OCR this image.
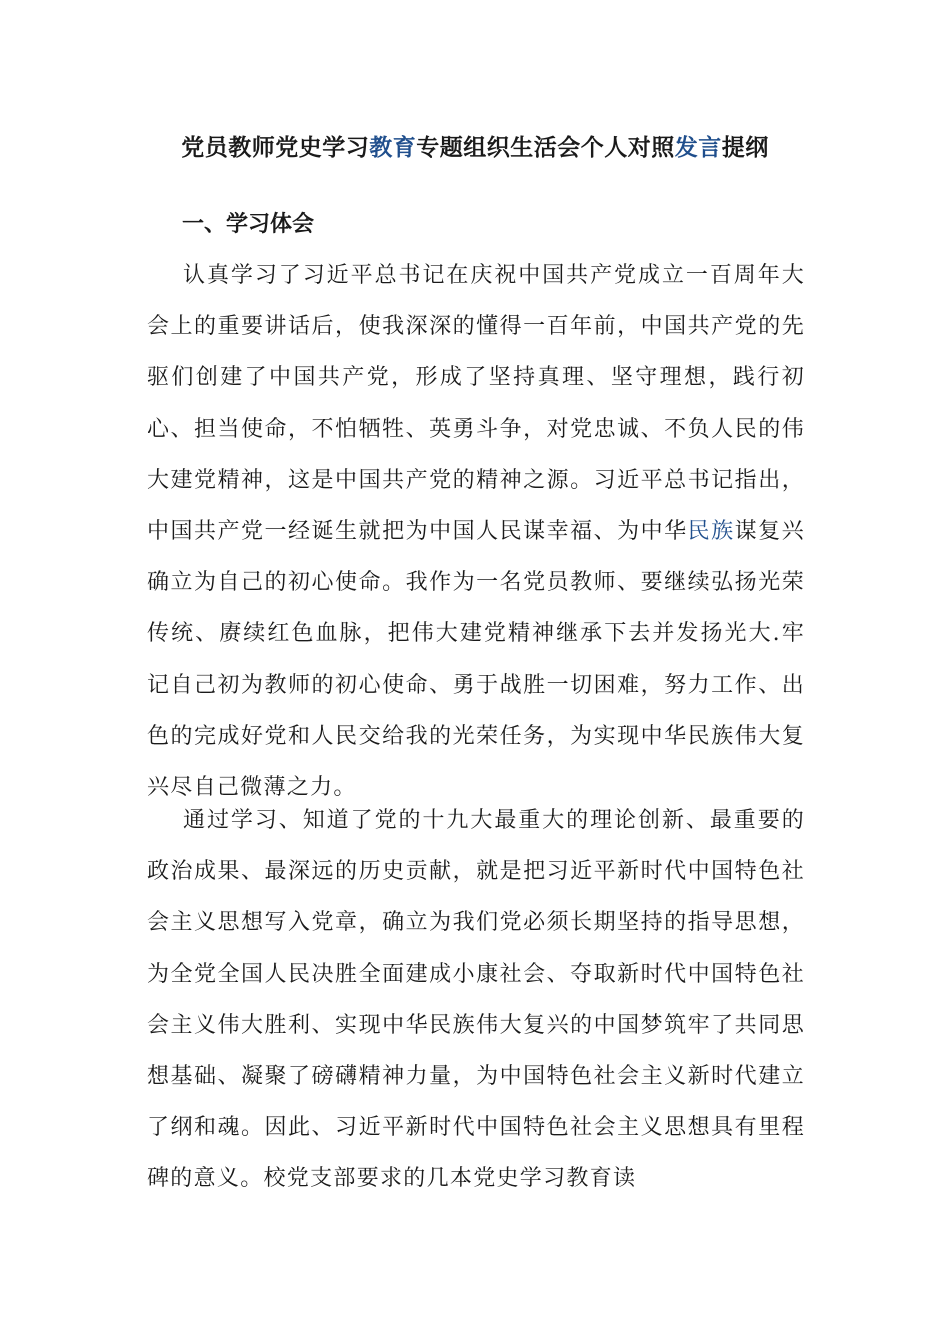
党员教师党史学习教育专题组织生活会个人对照发言提纲
一、学习体会

认真学习了习近平总书记在庆祝中国共产党成立一百周年大会上的重要讲话后，使我深深的懂得一百年前，中国共产党的先驱们创建了中国共产党，形成了坚持真理、坚守理想，践行初心、担当使命，不怕牺牲、英勇斗争，对党忠诚、不负人民的伟大建党精神，这是中国共产党的精神之源。习近平总书记指出，中国共产党一经诞生就把为中国人民谋幸福、为中华民族谋复兴确立为自己的初心使命。我作为一名党员教师、要继续弘扬光荣传统、赓续红色血脉，把伟大建党精神继承下去并发扬光大.牢记自己初为教师的初心使命、勇于战胜一切困难，努力工作、出色的完成好党和人民交给我的光荣任务，为实现中华民族伟大复兴尽自己微薄之力。

通过学习、知道了党的十九大最重大的理论创新、最重要的政治成果、最深远的历史贡献，就是把习近平新时代中国特色社会主义思想写入党章，确立为我们党必须长期坚持的指导思想，为全党全国人民决胜全面建成小康社会、夺取新时代中国特色社会主义伟大胜利、实现中华民族伟大复兴的中国梦筑牢了共同思想基础、凝聚了磅礴精神力量，为中国特色社会主义新时代建立了纲和魂。因此、习近平新时代中国特色社会主义思想具有里程碑的意义。校党支部要求的几本党史学习教育读
